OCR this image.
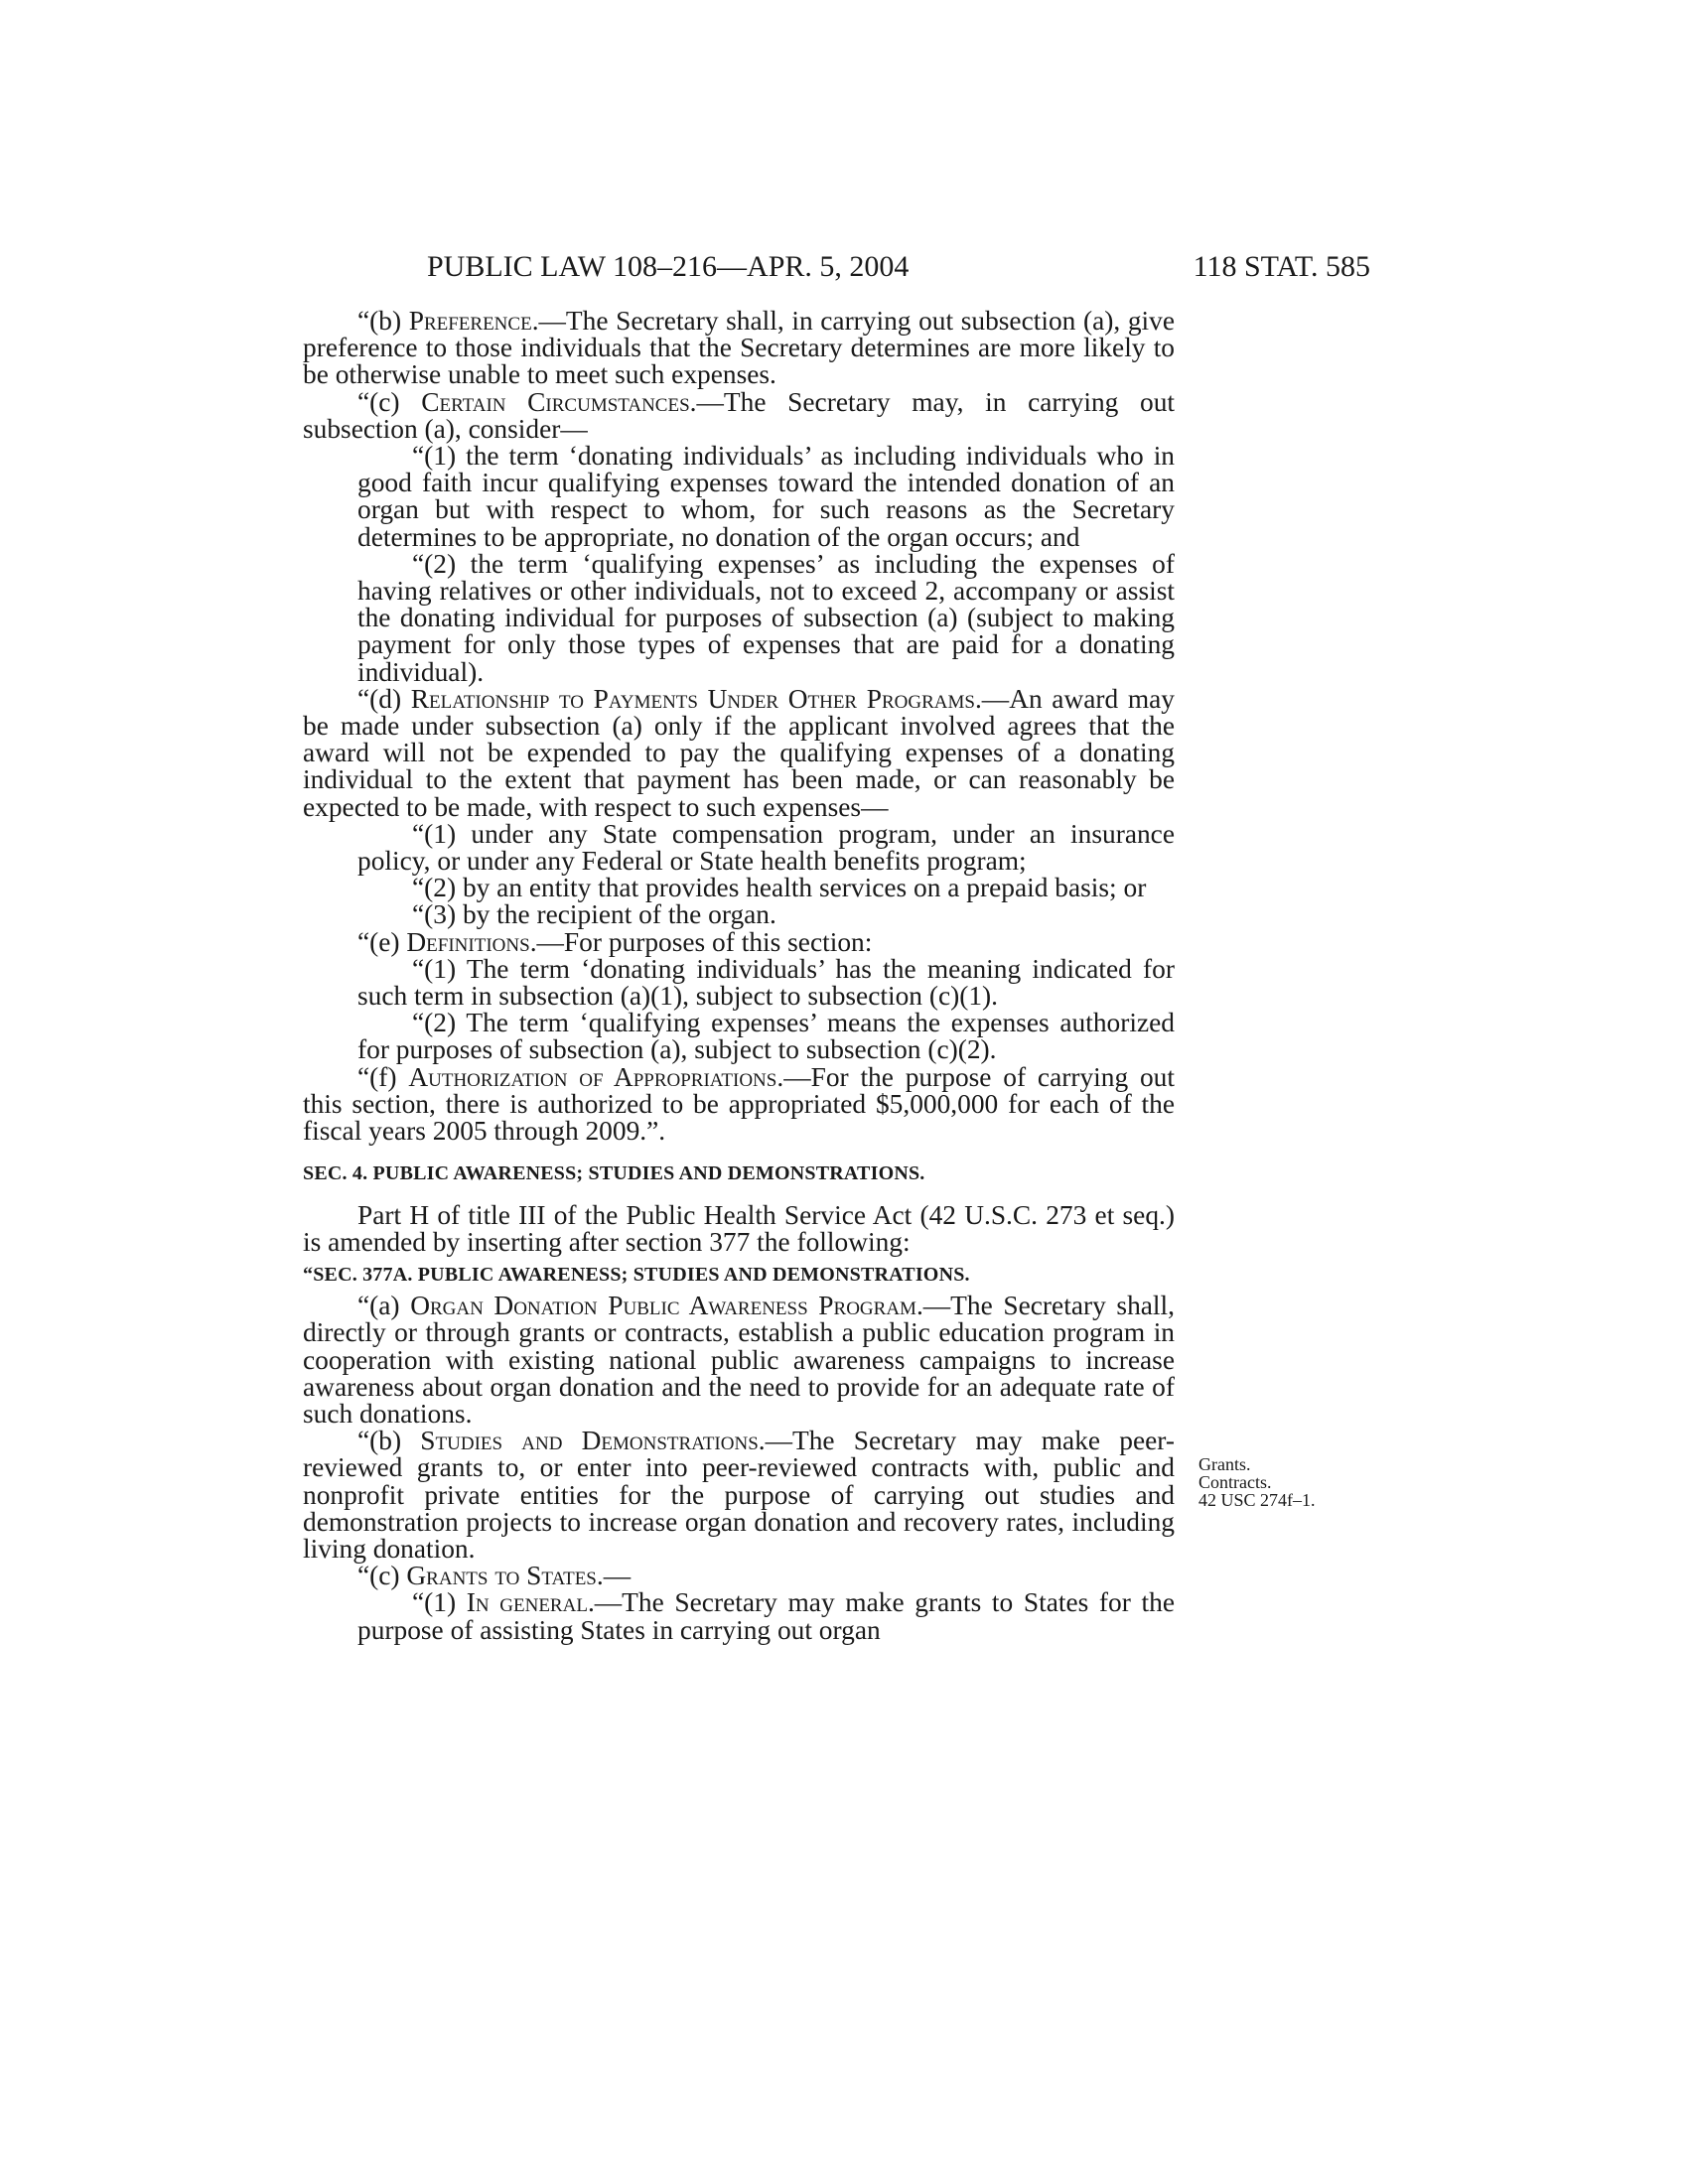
PUBLIC LAW 108–216—APR. 5, 2004	118 STAT. 585

“(b) Preference.—The Secretary shall, in carrying out subsection (a), give preference to those individuals that the Secretary determines are more likely to be otherwise unable to meet such expenses.

“(c) Certain Circumstances.—The Secretary may, in carrying out subsection (a), consider—

“(1) the term ‘donating individuals’ as including individuals who in good faith incur qualifying expenses toward the intended donation of an organ but with respect to whom, for such reasons as the Secretary determines to be appropriate, no donation of the organ occurs; and

“(2) the term ‘qualifying expenses’ as including the expenses of having relatives or other individuals, not to exceed 2, accompany or assist the donating individual for purposes of subsection (a) (subject to making payment for only those types of expenses that are paid for a donating individual).

“(d) Relationship to Payments Under Other Programs.—An award may be made under subsection (a) only if the applicant involved agrees that the award will not be expended to pay the qualifying expenses of a donating individual to the extent that payment has been made, or can reasonably be expected to be made, with respect to such expenses—

“(1) under any State compensation program, under an insurance policy, or under any Federal or State health benefits program;

“(2) by an entity that provides health services on a prepaid basis; or

“(3) by the recipient of the organ.

“(e) Definitions.—For purposes of this section:

“(1) The term ‘donating individuals’ has the meaning indicated for such term in subsection (a)(1), subject to subsection (c)(1).

“(2) The term ‘qualifying expenses’ means the expenses authorized for purposes of subsection (a), subject to subsection (c)(2).

“(f) Authorization of Appropriations.—For the purpose of carrying out this section, there is authorized to be appropriated $5,000,000 for each of the fiscal years 2005 through 2009.”.

SEC. 4. PUBLIC AWARENESS; STUDIES AND DEMONSTRATIONS.

Part H of title III of the Public Health Service Act (42 U.S.C. 273 et seq.) is amended by inserting after section 377 the following:

“SEC. 377A. PUBLIC AWARENESS; STUDIES AND DEMONSTRATIONS.

“(a) Organ Donation Public Awareness Program.—The Secretary shall, directly or through grants or contracts, establish a public education program in cooperation with existing national public awareness campaigns to increase awareness about organ donation and the need to provide for an adequate rate of such donations.

“(b) Studies and Demonstrations.—The Secretary may make peer-reviewed grants to, or enter into peer-reviewed contracts with, public and nonprofit private entities for the purpose of carrying out studies and demonstration projects to increase organ donation and recovery rates, including living donation.

“(c) Grants to States.—

“(1) In general.—The Secretary may make grants to States for the purpose of assisting States in carrying out organ

Grants.
Contracts.
42 USC 274f–1.
